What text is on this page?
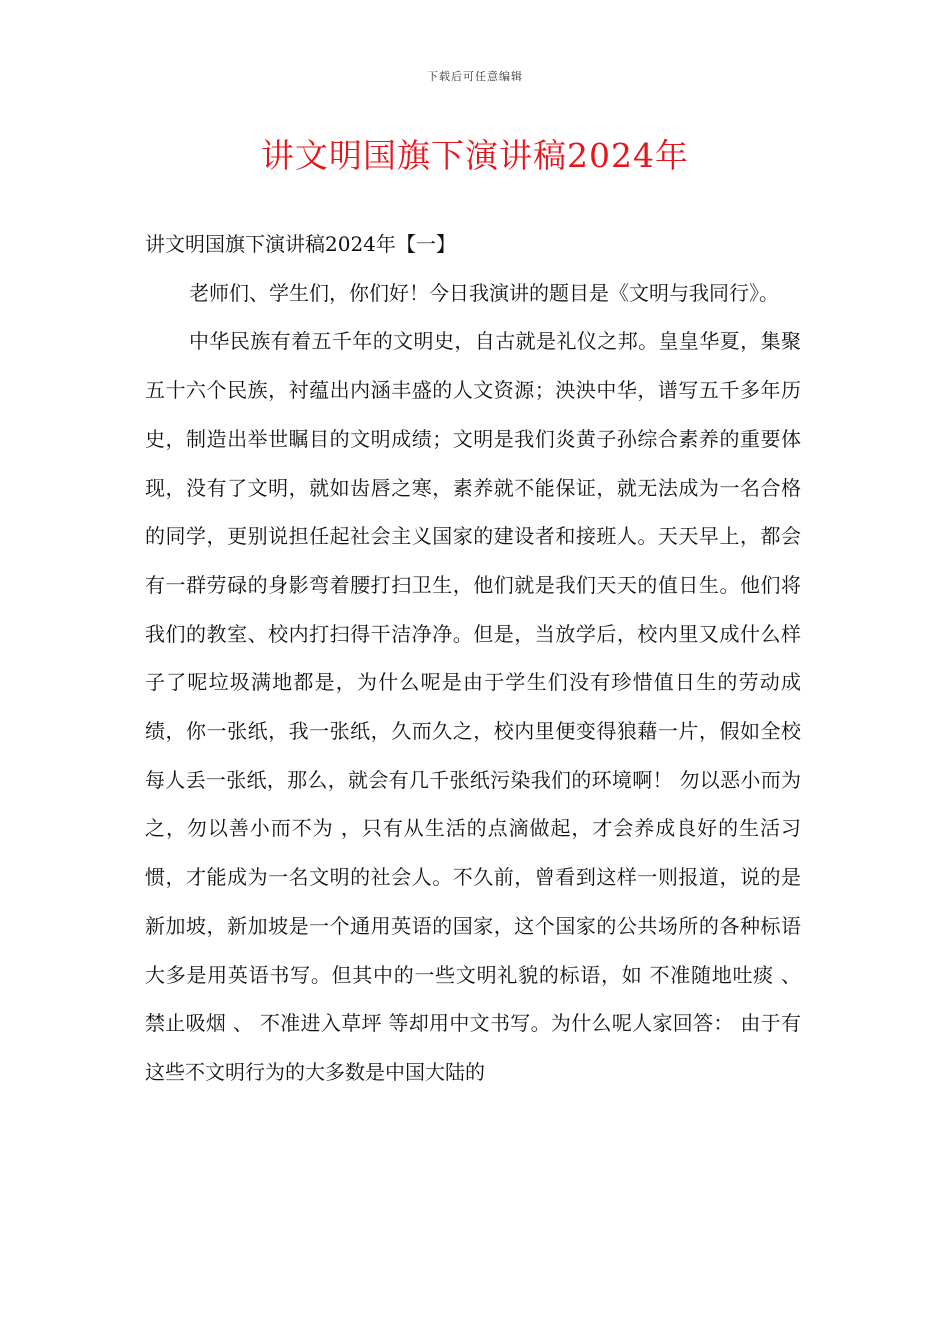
下载后可任意编辑
讲文明国旗下演讲稿2024年

讲文明国旗下演讲稿2024年【一】

老师们、学生们，你们好！今日我演讲的题目是《文明与我同行》。

中华民族有着五千年的文明史，自古就是礼仪之邦。皇皇华夏，集聚五十六个民族，衬蕴出内涵丰盛的人文资源；泱泱中华，谱写五千多年历史，制造出举世瞩目的文明成绩；文明是我们炎黄子孙综合素养的重要体现，没有了文明，就如齿唇之寒，素养就不能保证，就无法成为一名合格的同学，更别说担任起社会主义国家的建设者和接班人。天天早上，都会有一群劳碌的身影弯着腰打扫卫生，他们就是我们天天的值日生。他们将我们的教室、校内打扫得干洁净净。但是，当放学后，校内里又成什么样子了呢垃圾满地都是，为什么呢是由于学生们没有珍惜值日生的劳动成绩，你一张纸，我一张纸，久而久之，校内里便变得狼藉一片，假如全校每人丢一张纸，那么，就会有几千张纸污染我们的环境啊！ 勿以恶小而为之，勿以善小而不为 ，只有从生活的点滴做起，才会养成良好的生活习惯，才能成为一名文明的社会人。不久前，曾看到这样一则报道，说的是新加坡，新加坡是一个通用英语的国家，这个国家的公共场所的各种标语大多是用英语书写。但其中的一些文明礼貌的标语，如 不准随地吐痰 、 禁止吸烟 、 不准进入草坪 等却用中文书写。为什么呢人家回答： 由于有这些不文明行为的大多数是中国大陆的
